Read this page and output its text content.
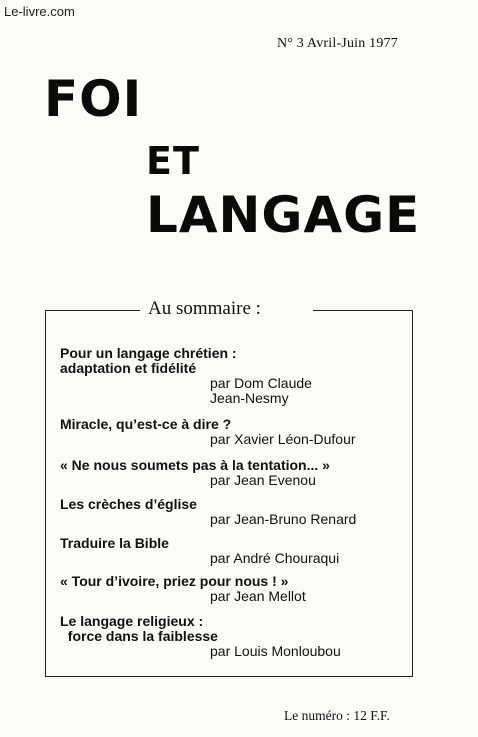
Le-livre.com
N° 3 Avril-Juin 1977
FOI
ET
LANGAGE
Au sommaire :
Pour un langage chrétien :
adaptation et fidélité
par Dom Claude
Jean-Nesmy
Miracle, qu’est-ce à dire ?
par Xavier Léon-Dufour
« Ne nous soumets pas à la tentation... »
par Jean Evenou
Les crèches d’église
par Jean-Bruno Renard
Traduire la Bible
par André Chouraqui
« Tour d’ivoire, priez pour nous ! »
par Jean Mellot
Le langage religieux :
force dans la faiblesse
par Louis Monloubou
Le numéro : 12 F.F.
